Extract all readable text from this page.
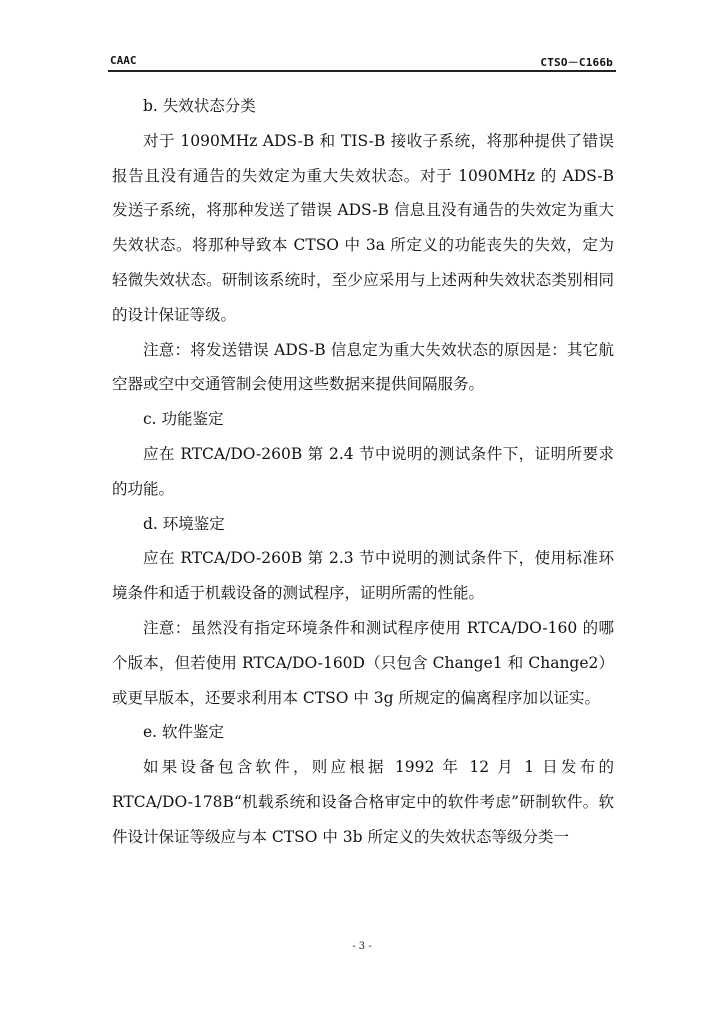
CAAC	CTSO－C166b

b. 失效状态分类

对于 1090MHz ADS-B 和 TIS-B 接收子系统，将那种提供了错误报告且没有通告的失效定为重大失效状态。对于 1090MHz 的 ADS-B 发送子系统，将那种发送了错误 ADS-B 信息且没有通告的失效定为重大失效状态。将那种导致本 CTSO 中 3a 所定义的功能丧失的失效，定为轻微失效状态。研制该系统时，至少应采用与上述两种失效状态类别相同的设计保证等级。

注意：将发送错误 ADS-B 信息定为重大失效状态的原因是：其它航空器或空中交通管制会使用这些数据来提供间隔服务。

c. 功能鉴定

应在 RTCA/DO-260B 第 2.4 节中说明的测试条件下，证明所要求的功能。

d. 环境鉴定

应在 RTCA/DO-260B 第 2.3 节中说明的测试条件下，使用标准环境条件和适于机载设备的测试程序，证明所需的性能。

注意：虽然没有指定环境条件和测试程序使用 RTCA/DO-160 的哪个版本，但若使用 RTCA/DO-160D（只包含 Change1 和 Change2）或更早版本，还要求利用本 CTSO 中 3g 所规定的偏离程序加以证实。

e. 软件鉴定

如果设备包含软件，则应根据 1992 年 12 月 1 日发布的 RTCA/DO-178B“机载系统和设备合格审定中的软件考虑”研制软件。软件设计保证等级应与本 CTSO 中 3b 所定义的失效状态等级分类一

- 3 -
